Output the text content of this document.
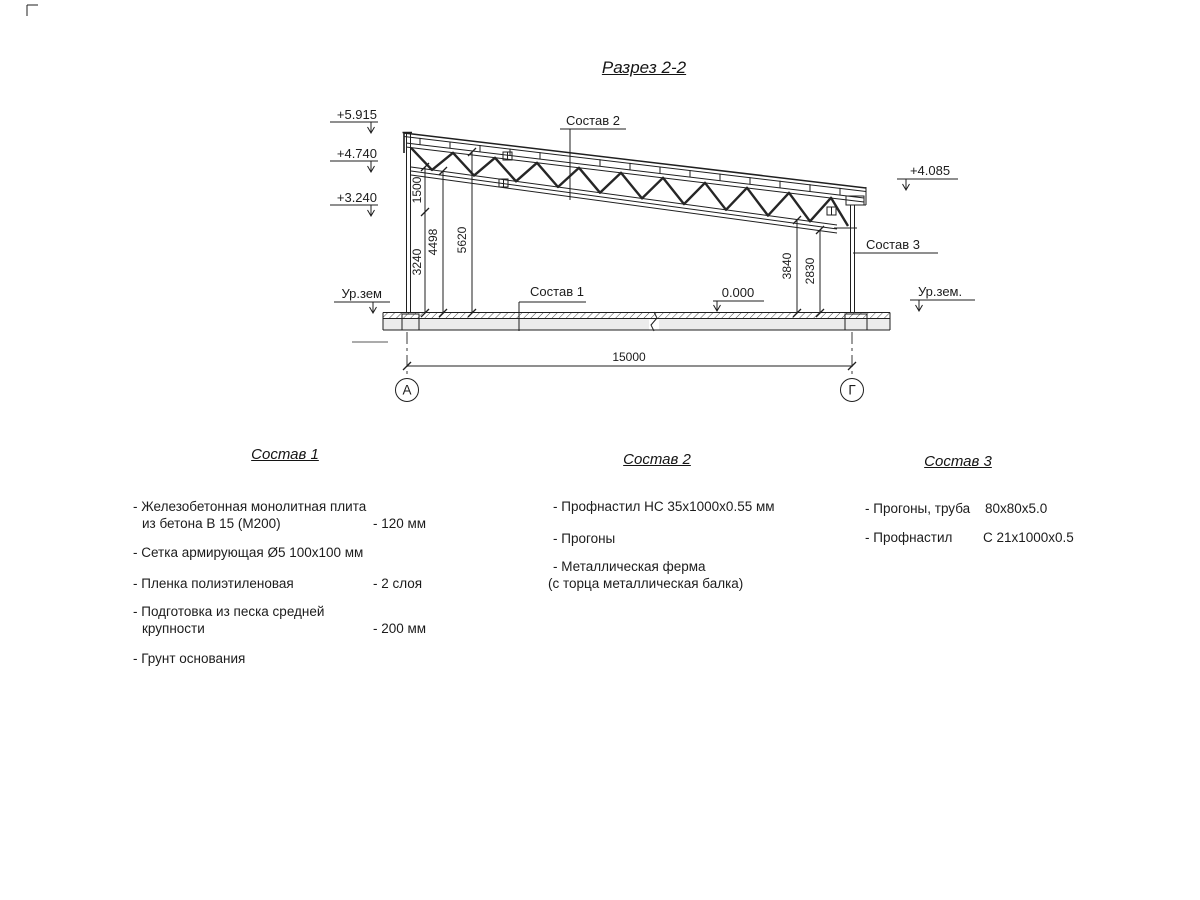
Разрез 2-2
+5.915
+4.740
+3.240
Ур.зем
+4.085
Ур.зем.
0.000
Состав 2
Состав 1
Состав 3
1500
3240
4498 5620
3840 2830
15000
А	Г
Состав 1
- Железобетонная монолитная плита
из бетона В 15 (М200)	- 120 мм
- Сетка армирующая Ø5 100х100 мм
- Пленка полиэтиленовая	- 2 слоя
- Подготовка из песка средней
крупности	- 200 мм
- Грунт основания
Состав 2
- Профнастил НС 35х1000х0.55 мм
- Прогоны
- Металлическая ферма
(с торца металлическая балка)
Состав 3
- Прогоны, труба 80х80х5.0
- Профнастил С 21х1000х0.5
